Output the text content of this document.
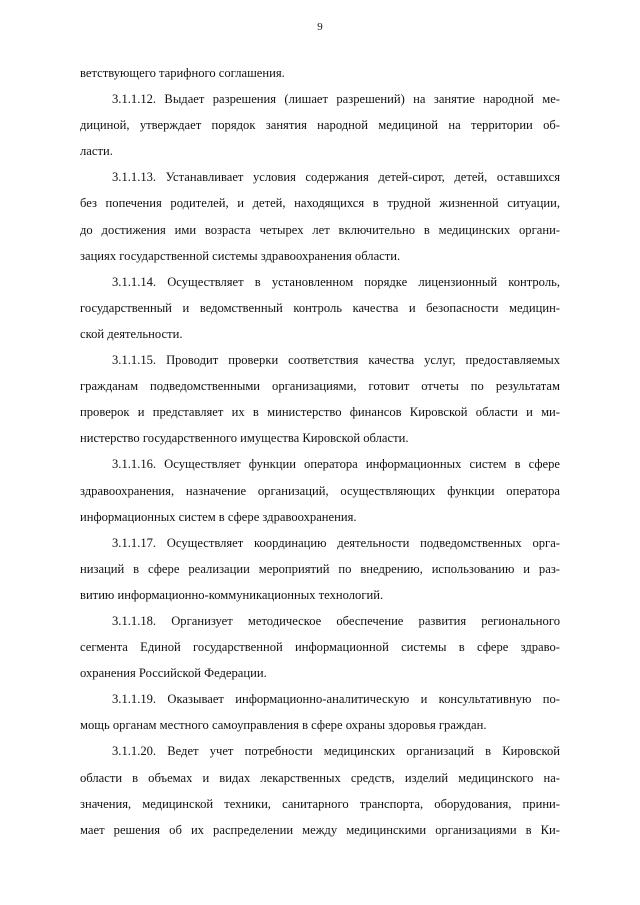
9
ветствующего тарифного соглашения.
3.1.1.12. Выдает разрешения (лишает разрешений) на занятие народной ме-
дициной, утверждает порядок занятия народной медициной на территории об-
ласти.
3.1.1.13. Устанавливает условия содержания детей-сирот, детей, оставшихся
без попечения родителей, и детей, находящихся в трудной жизненной ситуации,
до достижения ими возраста четырех лет включительно в медицинских органи-
зациях государственной системы здравоохранения области.
3.1.1.14. Осуществляет в установленном порядке лицензионный контроль,
государственный и ведомственный контроль качества и безопасности медицин-
ской деятельности.
3.1.1.15. Проводит проверки соответствия качества услуг, предоставляемых
гражданам подведомственными организациями, готовит отчеты по результатам
проверок и представляет их в министерство финансов Кировской области и ми-
нистерство государственного имущества Кировской области.
3.1.1.16. Осуществляет функции оператора информационных систем в сфере
здравоохранения, назначение организаций, осуществляющих функции оператора
информационных систем в сфере здравоохранения.
3.1.1.17. Осуществляет координацию деятельности подведомственных орга-
низаций в сфере реализации мероприятий по внедрению, использованию и раз-
витию информационно-коммуникационных технологий.
3.1.1.18. Организует методическое обеспечение развития регионального
сегмента Единой государственной информационной системы в сфере здраво-
охранения Российской Федерации.
3.1.1.19. Оказывает информационно-аналитическую и консультативную по-
мощь органам местного самоуправления в сфере охраны здоровья граждан.
3.1.1.20. Ведет учет потребности медицинских организаций в Кировской
области в объемах и видах лекарственных средств, изделий медицинского на-
значения, медицинской техники, санитарного транспорта, оборудования, прини-
мает решения об их распределении между медицинскими организациями в Ки-
